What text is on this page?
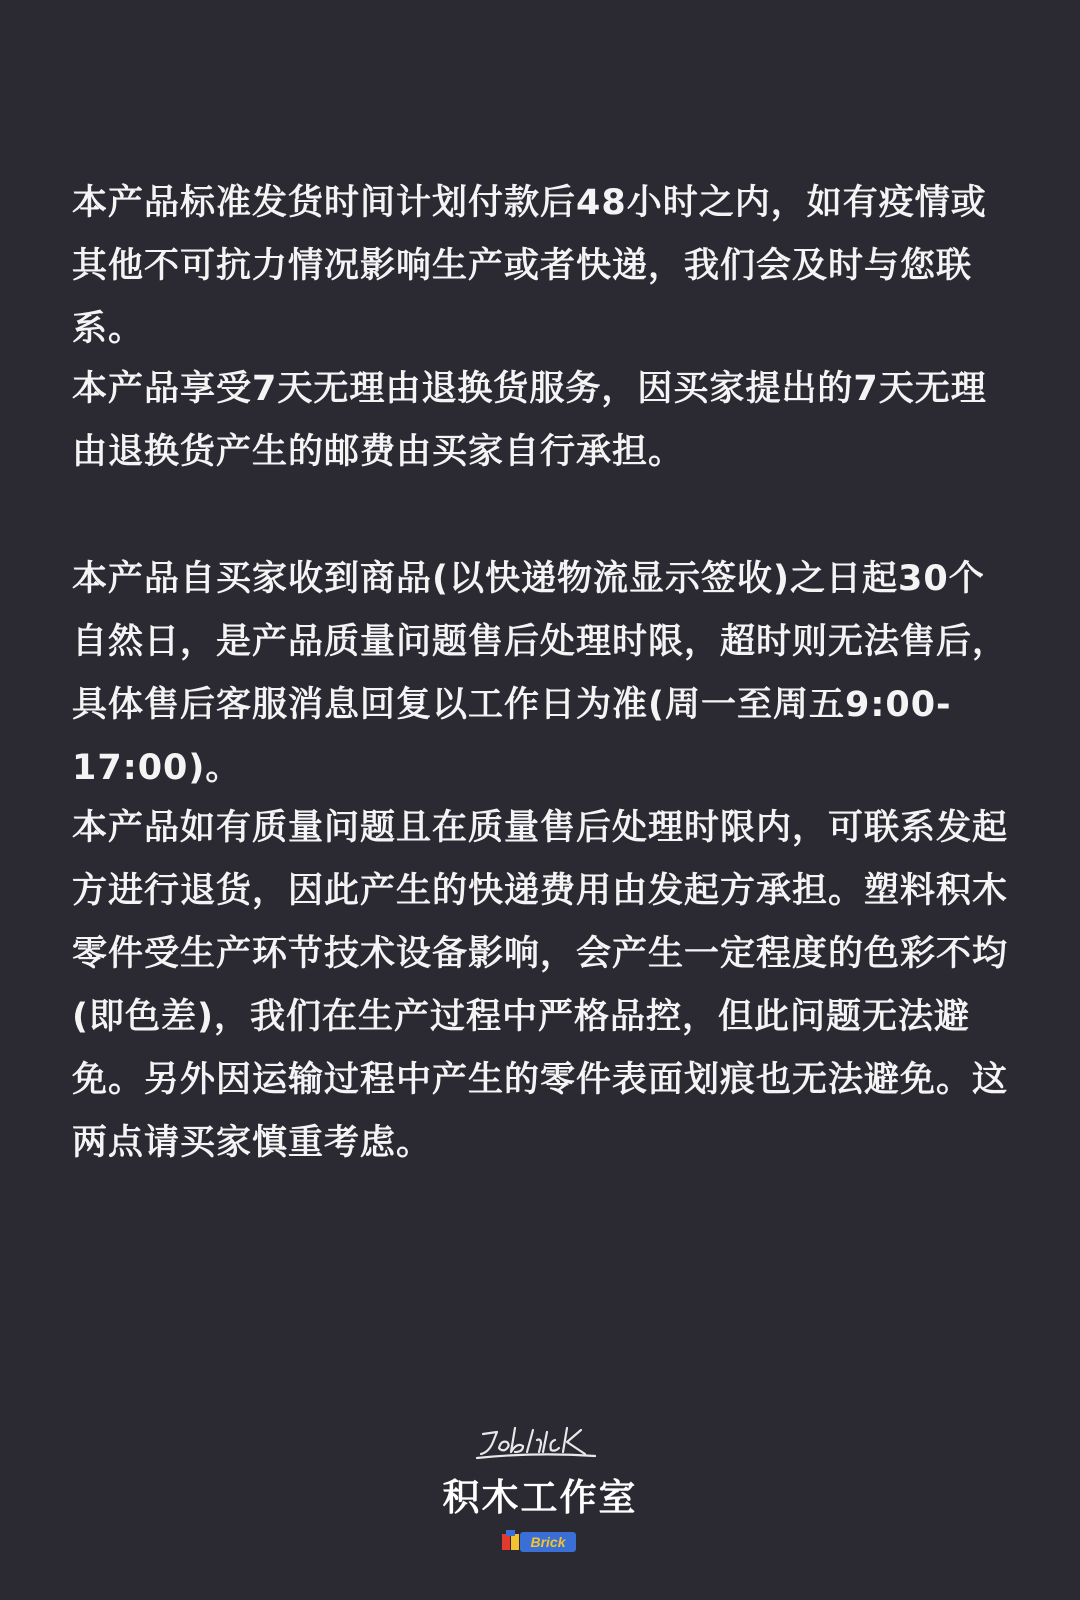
本产品标准发货时间计划付款后48小时之内，如有疫情或其他不可抗力情况影响生产或者快递，我们会及时与您联系。

本产品享受7天无理由退换货服务，因买家提出的7天无理由退换货产生的邮费由买家自行承担。

本产品自买家收到商品(以快递物流显示签收)之日起30个自然日，是产品质量问题售后处理时限，超时则无法售后，具体售后客服消息回复以工作日为准(周一至周五9:00-17:00)。

本产品如有质量问题且在质量售后处理时限内，可联系发起方进行退货，因此产生的快递费用由发起方承担。塑料积木零件受生产环节技术设备影响，会产生一定程度的色彩不均(即色差)，我们在生产过程中严格品控，但此问题无法避免。另外因运输过程中产生的零件表面划痕也无法避免。这两点请买家慎重考虑。

积木工作室
Brick
